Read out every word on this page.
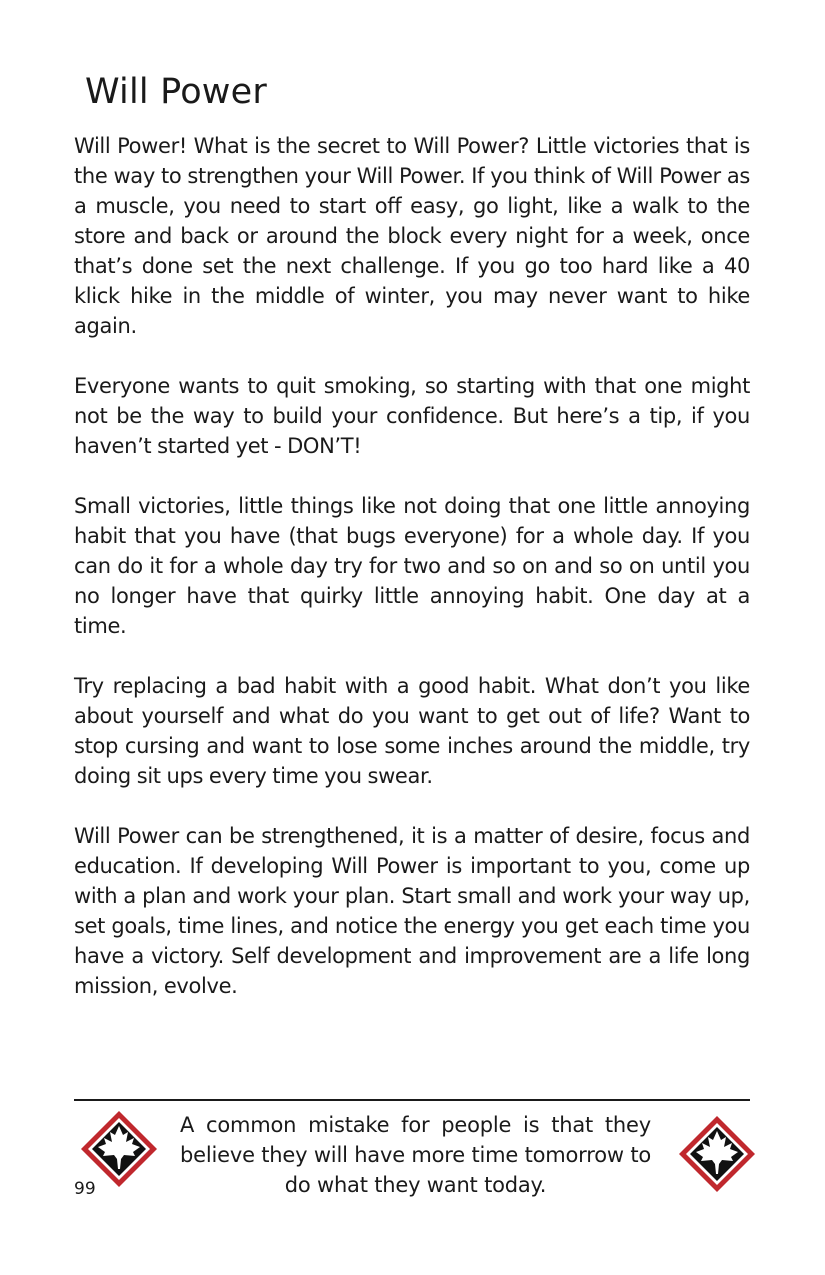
Will Power

Will Power! What is the secret to Will Power? Little victories that is the way to strengthen your Will Power. If you think of Will Power as a muscle, you need to start off easy, go light, like a walk to the store and back or around the block every night for a week, once that’s done set the next challenge. If you go too hard like a 40 klick hike in the middle of winter, you may never want to hike again.

Everyone wants to quit smoking, so starting with that one might not be the way to build your confidence. But here’s a tip, if you haven’t started yet - DON’T!

Small victories, little things like not doing that one little annoying habit that you have (that bugs everyone) for a whole day. If you can do it for a whole day try for two and so on and so on until you no longer have that quirky little annoying habit. One day at a time.

Try replacing a bad habit with a good habit. What don’t you like about yourself and what do you want to get out of life? Want to stop cursing and want to lose some inches around the middle, try doing sit ups every time you swear.

Will Power can be strengthened, it is a matter of desire, focus and education. If developing Will Power is important to you, come up with a plan and work your plan. Start small and work your way up, set goals, time lines, and notice the energy you get each time you have a victory. Self development and improvement are a life long mission, evolve.

A common mistake for people is that they believe they will have more time tomorrow to do what they want today.

99
